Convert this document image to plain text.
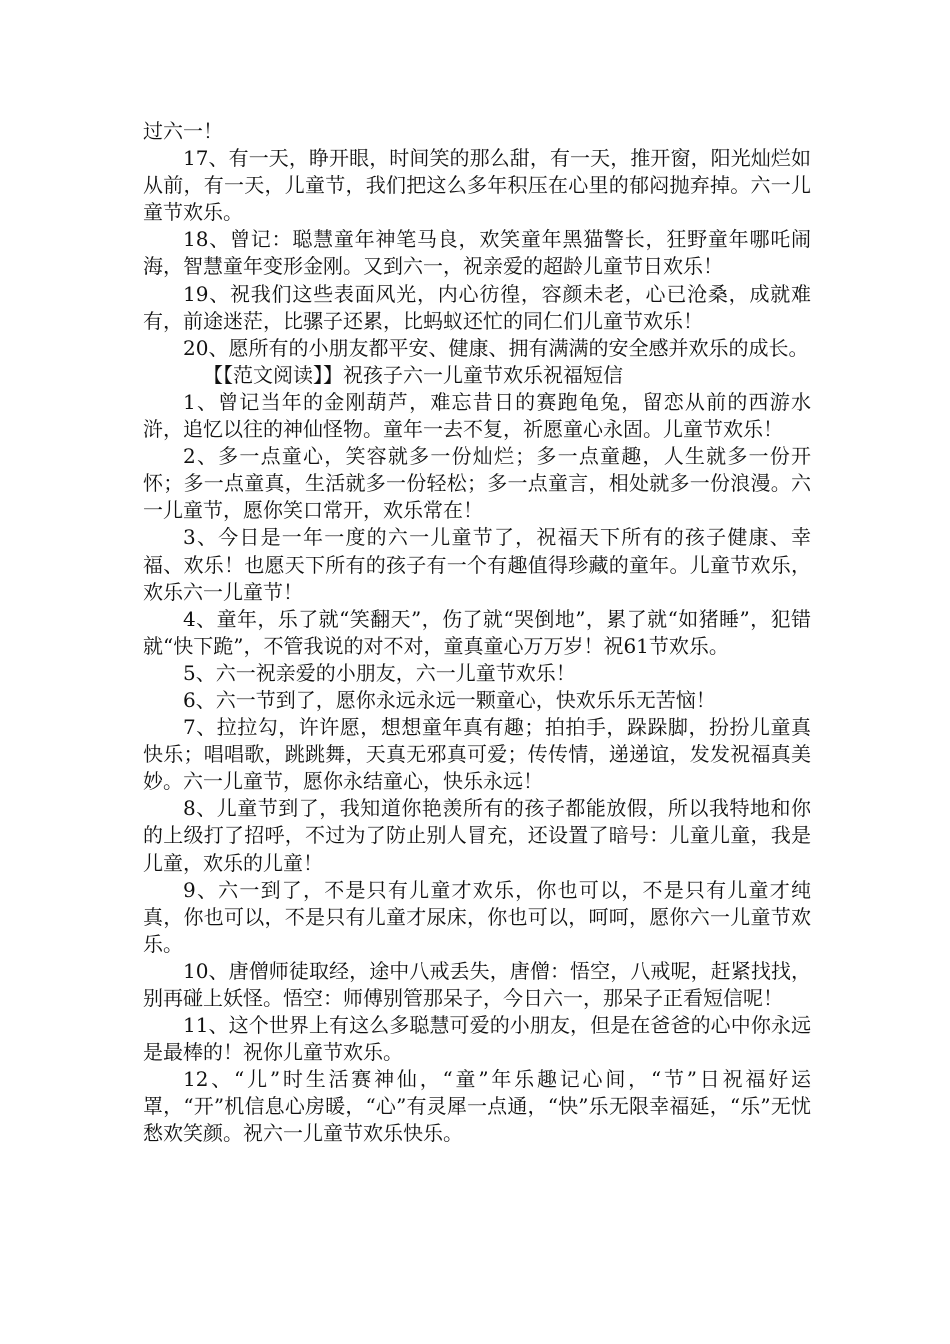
过六一！

17、有一天，睁开眼，时间笑的那么甜，有一天，推开窗，阳光灿烂如从前，有一天，儿童节，我们把这么多年积压在心里的郁闷抛弃掉。六一儿童节欢乐。

18、曾记：聪慧童年神笔马良，欢笑童年黑猫警长，狂野童年哪吒闹海，智慧童年变形金刚。又到六一，祝亲爱的超龄儿童节日欢乐！

19、祝我们这些表面风光，内心彷徨，容颜未老，心已沧桑，成就难有，前途迷茫，比骡子还累，比蚂蚁还忙的同仁们儿童节欢乐！

20、愿所有的小朋友都平安、健康、拥有满满的安全感并欢乐的成长。

【【范文阅读】】祝孩子六一儿童节欢乐祝福短信

1、曾记当年的金刚葫芦，难忘昔日的赛跑龟兔，留恋从前的西游水浒，追忆以往的神仙怪物。童年一去不复，祈愿童心永固。儿童节欢乐！

2、多一点童心，笑容就多一份灿烂；多一点童趣，人生就多一份开怀；多一点童真，生活就多一份轻松；多一点童言，相处就多一份浪漫。六一儿童节，愿你笑口常开，欢乐常在！

3、今日是一年一度的六一儿童节了，祝福天下所有的孩子健康、幸福、欢乐！也愿天下所有的孩子有一个有趣值得珍藏的童年。儿童节欢乐，欢乐六一儿童节！

4、童年，乐了就“笑翻天”，伤了就“哭倒地”，累了就“如猪睡”，犯错就“快下跪”，不管我说的对不对，童真童心万万岁！祝61节欢乐。

5、六一祝亲爱的小朋友，六一儿童节欢乐！

6、六一节到了，愿你永远永远一颗童心，快欢乐乐无苦恼！

7、拉拉勾，许许愿，想想童年真有趣；拍拍手，跺跺脚，扮扮儿童真快乐；唱唱歌，跳跳舞，天真无邪真可爱；传传情，递递谊，发发祝福真美妙。六一儿童节，愿你永结童心，快乐永远！

8、儿童节到了，我知道你艳羡所有的孩子都能放假，所以我特地和你的上级打了招呼，不过为了防止别人冒充，还设置了暗号：儿童儿童，我是儿童，欢乐的儿童！

9、六一到了，不是只有儿童才欢乐，你也可以，不是只有儿童才纯真，你也可以，不是只有儿童才尿床，你也可以，呵呵，愿你六一儿童节欢乐。

10、唐僧师徒取经，途中八戒丢失，唐僧：悟空，八戒呢，赶紧找找，别再碰上妖怪。悟空：师傅别管那呆子，今日六一，那呆子正看短信呢！

11、这个世界上有这么多聪慧可爱的小朋友，但是在爸爸的心中你永远是最棒的！祝你儿童节欢乐。

12、“儿”时生活赛神仙，“童”年乐趣记心间，“节”日祝福好运罩，“开”机信息心房暖，“心”有灵犀一点通，“快”乐无限幸福延，“乐”无忧愁欢笑颜。祝六一儿童节欢乐快乐。
